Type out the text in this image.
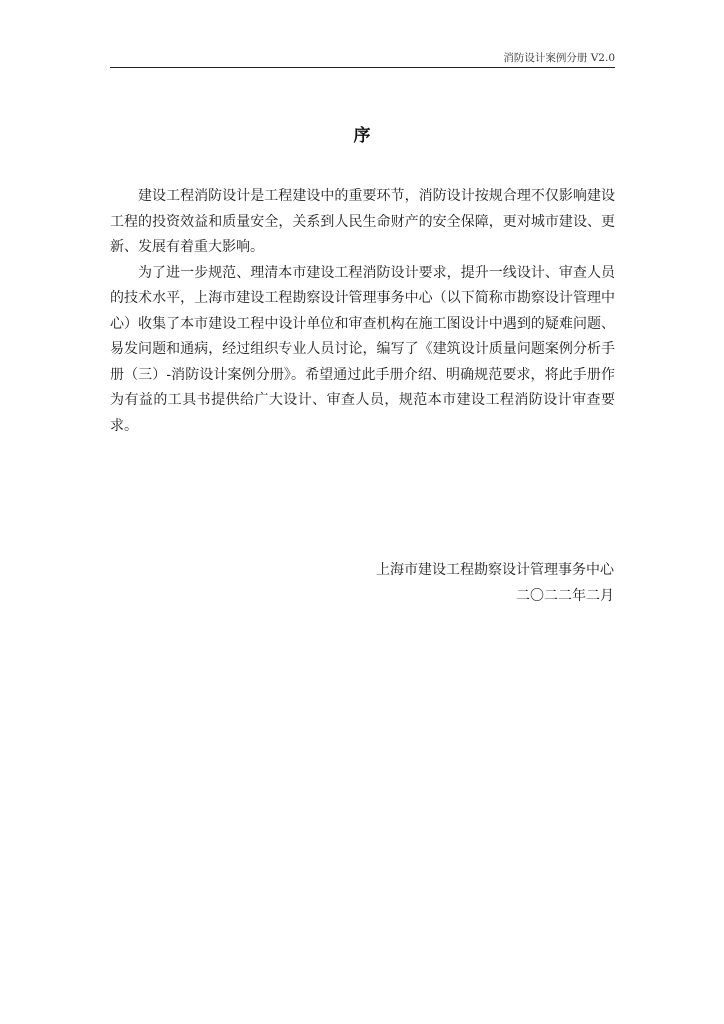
消防设计案例分册 V2.0
序

建设工程消防设计是工程建设中的重要环节，消防设计按规合理不仅影响建设工程的投资效益和质量安全，关系到人民生命财产的安全保障，更对城市建设、更新、发展有着重大影响。

为了进一步规范、理清本市建设工程消防设计要求，提升一线设计、审查人员的技术水平，上海市建设工程勘察设计管理事务中心（以下简称市勘察设计管理中心）收集了本市建设工程中设计单位和审查机构在施工图设计中遇到的疑难问题、易发问题和通病，经过组织专业人员讨论，编写了《建筑设计质量问题案例分析手册（三）-消防设计案例分册》。希望通过此手册介绍、明确规范要求，将此手册作为有益的工具书提供给广大设计、审查人员，规范本市建设工程消防设计审查要求。

上海市建设工程勘察设计管理事务中心
二〇二二年二月
